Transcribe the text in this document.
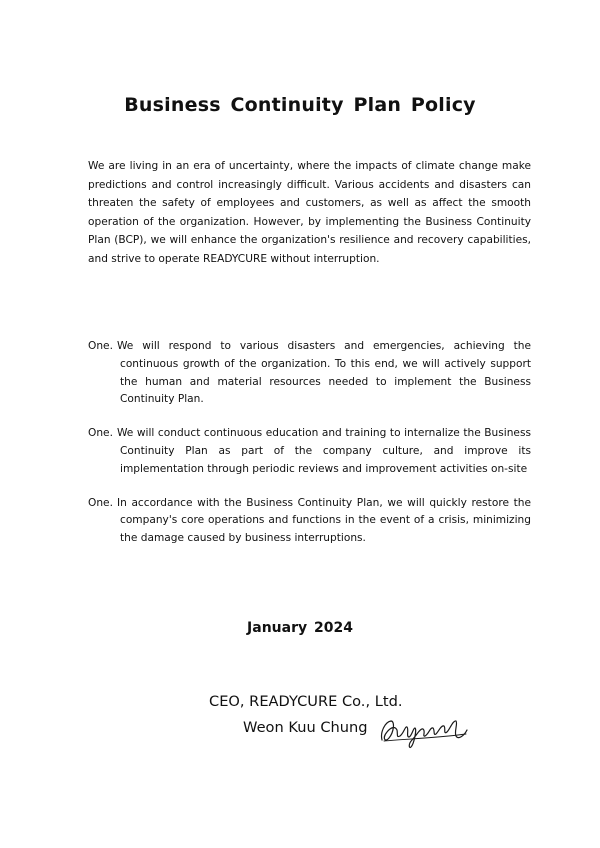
Business Continuity Plan Policy

We are living in an era of uncertainty, where the impacts of climate change make predictions and control increasingly difficult. Various accidents and disasters can threaten the safety of employees and customers, as well as affect the smooth operation of the organization. However, by implementing the Business Continuity Plan (BCP), we will enhance the organization's resilience and recovery capabilities, and strive to operate READYCURE without interruption.

One. We will respond to various disasters and emergencies, achieving the continuous growth of the organization. To this end, we will actively support the human and material resources needed to implement the Business Continuity Plan.
One. We will conduct continuous education and training to internalize the Business Continuity Plan as part of the company culture, and improve its implementation through periodic reviews and improvement activities on-site
One. In accordance with the Business Continuity Plan, we will quickly restore the company's core operations and functions in the event of a crisis, minimizing the damage caused by business interruptions.
January 2024
CEO, READYCURE Co., Ltd.
Weon Kuu Chung
